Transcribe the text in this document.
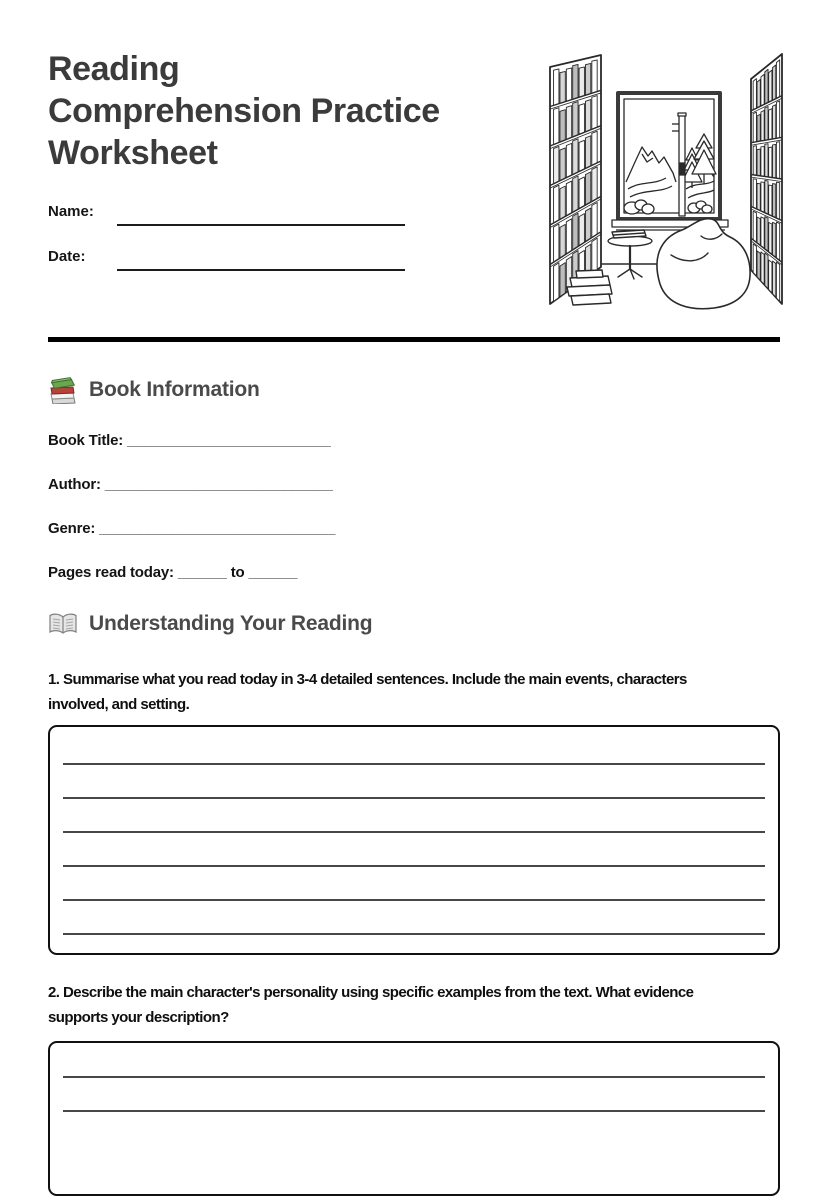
Reading
Comprehension Practice
Worksheet
Name:
Date:
Book Information
Book Title: _________________________
Author: ____________________________
Genre: _____________________________
Pages read today: ______ to ______
Understanding Your Reading
1. Summarise what you read today in 3-4 detailed sentences. Include the main events, characters
involved, and setting.
2. Describe the main character's personality using specific examples from the text. What evidence
supports your description?
